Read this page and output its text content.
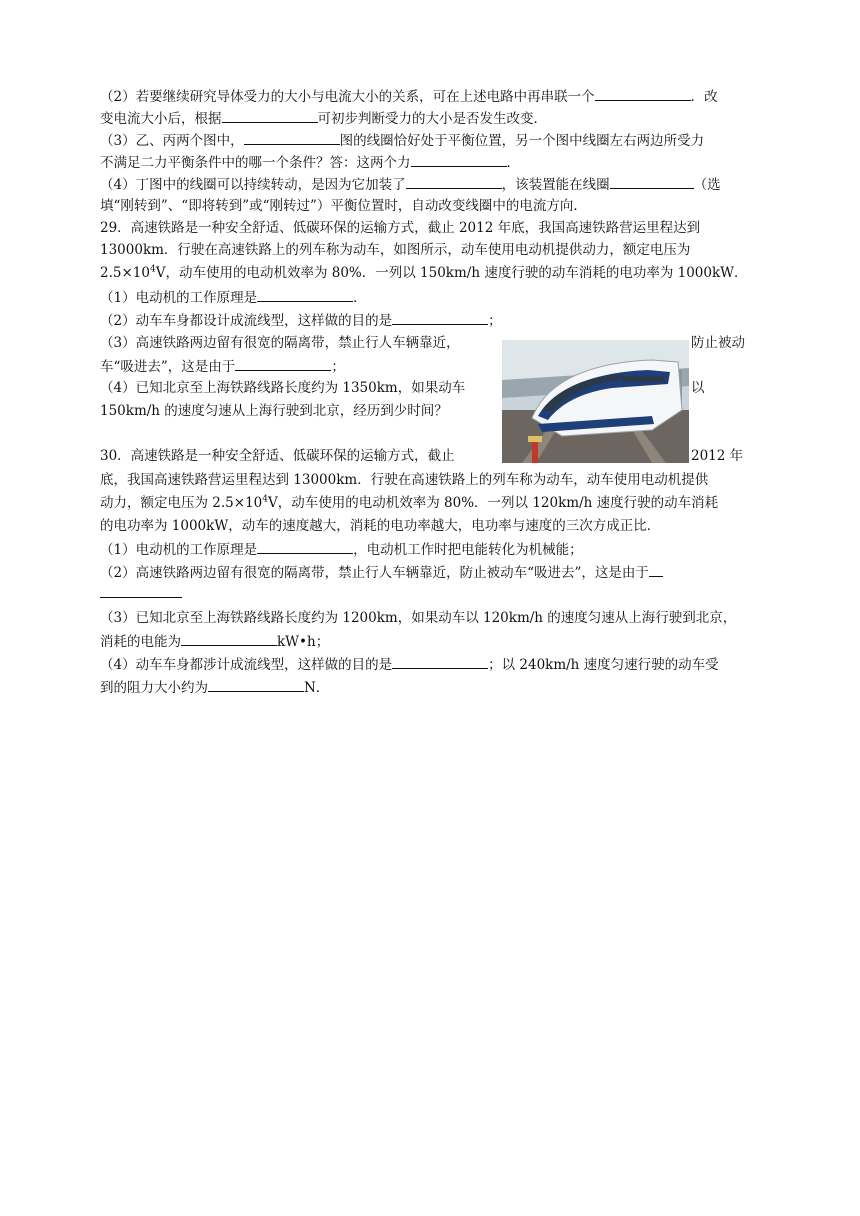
（2）若要继续研究导体受力的大小与电流大小的关系，可在上述电路中再串联一个	．改
变电流大小后，根据	可初步判断受力的大小是否发生改变．
（3）乙、丙两个图中，	图的线圈恰好处于平衡位置，另一个图中线圈左右两边所受力
不满足二力平衡条件中的哪一个条件？答：这两个力	．
（4）丁图中的线圈可以持续转动，是因为它加装了	，该装置能在线圈	（选
填“刚转到”、“即将转到”或“刚转过”）平衡位置时，自动改变线圈中的电流方向．
29．高速铁路是一种安全舒适、低碳环保的运输方式，截止 2012 年底，我国高速铁路营运里程达到
13000km．行驶在高速铁路上的列车称为动车，如图所示，动车使用电动机提供动力，额定电压为
$2.5\times 10^4V$，动车使用的电动机效率为 80%．一列以 150km/h 速度行驶的动车消耗的电功率为 1000kW．
（1）电动机的工作原理是	．
（2）动车车身都设计成流线型，这样做的目的是	；
（3）高速铁路两边留有很宽的隔离带，禁止行人车辆靠近，	防止被动
车“吸进去”，这是由于	；
（4）已知北京至上海铁路线路长度约为 1350km，如果动车	以
150km/h 的速度匀速从上海行驶到北京，经历到少时间？
30．高速铁路是一种安全舒适、低碳环保的运输方式，截止	2012 年
底，我国高速铁路营运里程达到 13000km．行驶在高速铁路上的列车称为动车，动车使用电动机提供
动力，额定电压为 $2.5\times 10^4V$，动车使用的电动机效率为 80%．一列以 120km/h 速度行驶的动车消耗
的电功率为 1000kW，动车的速度越大，消耗的电功率越大，电功率与速度的三次方成正比．
（1）电动机的工作原理是	，电动机工作时把电能转化为机械能；
（2）高速铁路两边留有很宽的隔离带，禁止行人车辆靠近，防止被动车“吸进去”，这是由于
（3）已知北京至上海铁路线路长度约为 1200km，如果动车以 120km/h 的速度匀速从上海行驶到北京，
消耗的电能为	kW•h；
（4）动车车身都涉计成流线型，这样做的目的是	；以 240km/h 速度匀速行驶的动车受
到的阻力大小约为	N．
